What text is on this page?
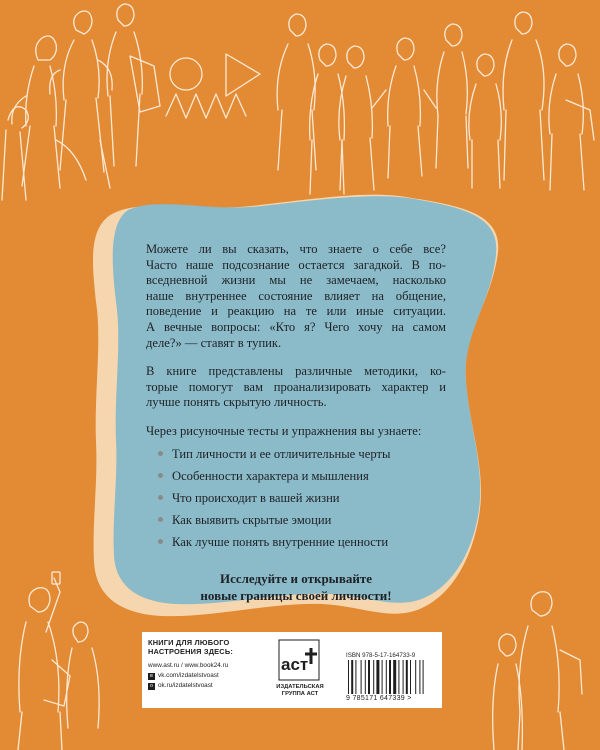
Можете ли вы сказать, что знаете о себе все?
Часто наше подсознание остается загадкой. В по-
вседневной жизни мы не замечаем, насколько
наше внутреннее состояние влияет на общение,
поведение и реакцию на те или иные ситуации.
А вечные вопросы: «Кто я? Чего хочу на самом
деле?» — ставят в тупик.
В книге представлены различные методики, ко-
торые помогут вам проанализировать характер и
лучше понять скрытую личность.
Через рисуночные тесты и упражнения вы узнаете:
Тип личности и ее отличительные черты
Особенности характера и мышления
Что происходит в вашей жизни
Как выявить скрытые эмоции
Как лучше понять внутренние ценности
Исследуйте и открывайте
новые границы своей личности!
КНИГИ ДЛЯ ЛЮБОГО
НАСТРОЕНИЯ ЗДЕСЬ:
www.ast.ru / www.book24.ru
в vk.com/izdatelstvoast
о ok.ru/izdatelstvoast
аст
ИЗДАТЕЛЬСКАЯ
ГРУППА АСТ
ISBN 978-5-17-164733-9
9 785171 647339 >
